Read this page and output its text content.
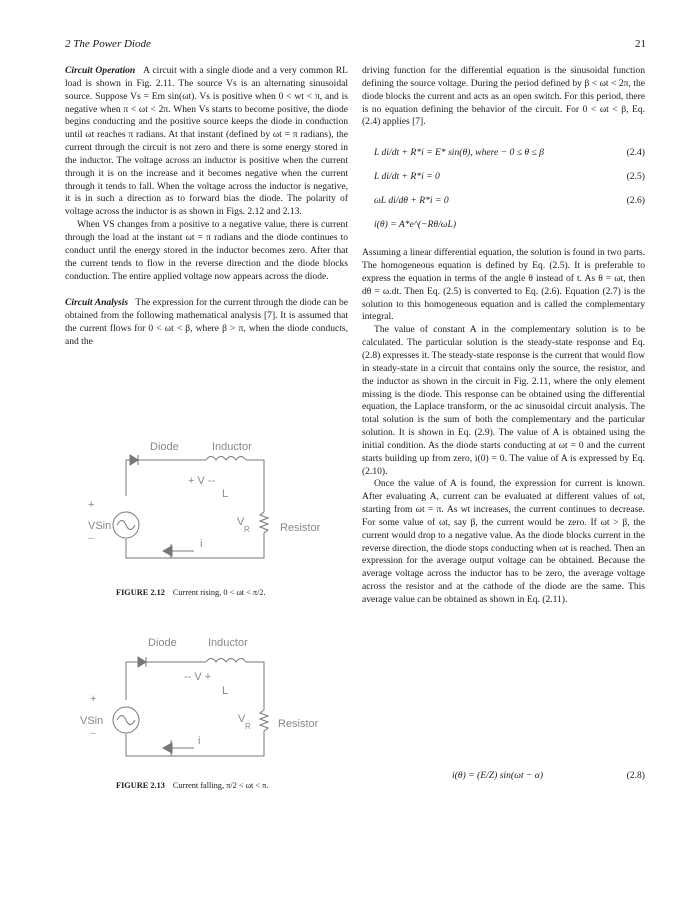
2 The Power Diode	21

Circuit Operation A circuit with a single diode and a very common RL load is shown in Fig. 2.11. The source Vs is an alternating sinusoidal source. Suppose Vs = Em sin(ωt). Vs is positive when 0 < wt < π, and is negative when π < ωt < 2π. When Vs starts to become positive, the diode begins conducting and the positive source keeps the diode in conduction until ωt reaches π radians. At that instant (defined by ωt = π radians), the current through the circuit is not zero and there is some energy stored in the inductor. The voltage across an inductor is positive when the current through it is on the increase and it becomes negative when the current through it tends to fall. When the voltage across the inductor is negative, it is in such a direction as to forward bias the diode. The polarity of voltage across the inductor is as shown in Figs. 2.12 and 2.13.

When VS changes from a positive to a negative value, there is current through the load at the instant ωt = π radians and the diode continues to conduct until the energy stored in the inductor becomes zero. After that the current tends to flow in the reverse direction and the diode blocks conduction. The entire applied voltage now appears across the diode.

Circuit Analysis The expression for the current through the diode can be obtained from the following mathematical analysis [7]. It is assumed that the current flows for 0 < ωt < β, where β > π, when the diode conducts, and the

Diode	Inductor
+ V --
L
+
VSin
--
V
R	Resistor
i
FIGURE 2.12 Current rising, 0 < ωt < π/2.
Diode	Inductor
-- V +
L
+
VSin
--
V
R Resistor
i
FIGURE 2.13 Current falling, π/2 < ωt < π.

driving function for the differential equation is the sinusoidal function defining the source voltage. During the period defined by β < ωt < 2π, the diode blocks the current and acts as an open switch. For this period, there is no equation defining the behavior of the circuit. For 0 < ωt < β, Eq. (2.4) applies [7].

L di/dt + R*i = E* sin(θ), where − 0 ≤ θ ≤ β	(2.4)
L di/dt + R*i = 0	(2.5)
ωL di/dθ + R*i = 0	(2.6)
i(θ) = A*e^(−Rθ/ωL)

Assuming a linear differential equation, the solution is found in two parts. The homogeneous equation is defined by Eq. (2.5). It is preferable to express the equation in terms of the angle θ instead of t. As θ = ωt, then dθ = ω.dt. Then Eq. (2.5) is converted to Eq. (2.6). Equation (2.7) is the solution to this homogeneous equation and is called the complementary integral.

The value of constant A in the complementary solution is to be calculated. The particular solution is the steady-state response and Eq. (2.8) expresses it. The steady-state response is the current that would flow in steady-state in a circuit that contains only the source, the resistor, and the inductor as shown in the circuit in Fig. 2.11, where the only element missing is the diode. This response can be obtained using the differential equation, the Laplace transform, or the ac sinusoidal circuit analysis. The total solution is the sum of both the complementary and the particular solution. It is shown in Eq. (2.9). The value of A is obtained using the initial condition. As the diode starts conducting at ωt = 0 and the current starts building up from zero, i(0) = 0. The value of A is expressed by Eq. (2.10).

Once the value of A is found, the expression for current is known. After evaluating A, current can be evaluated at different values of ωt, starting from ωt = π. As wt increases, the current continues to decrease. For some value of ωt, say β, the current would be zero. If ωt > β, the current would drop to a negative value. As the diode blocks current in the reverse direction, the diode stops conducting when ωt is reached. Then an expression for the average output voltage can be obtained. Because the average voltage across the inductor has to be zero, the average voltage across the resistor and at the cathode of the diode are the same. This average value can be obtained as shown in Eq. (2.11).

i(θ) = (E/Z) sin(ωt − α)	(2.8)
